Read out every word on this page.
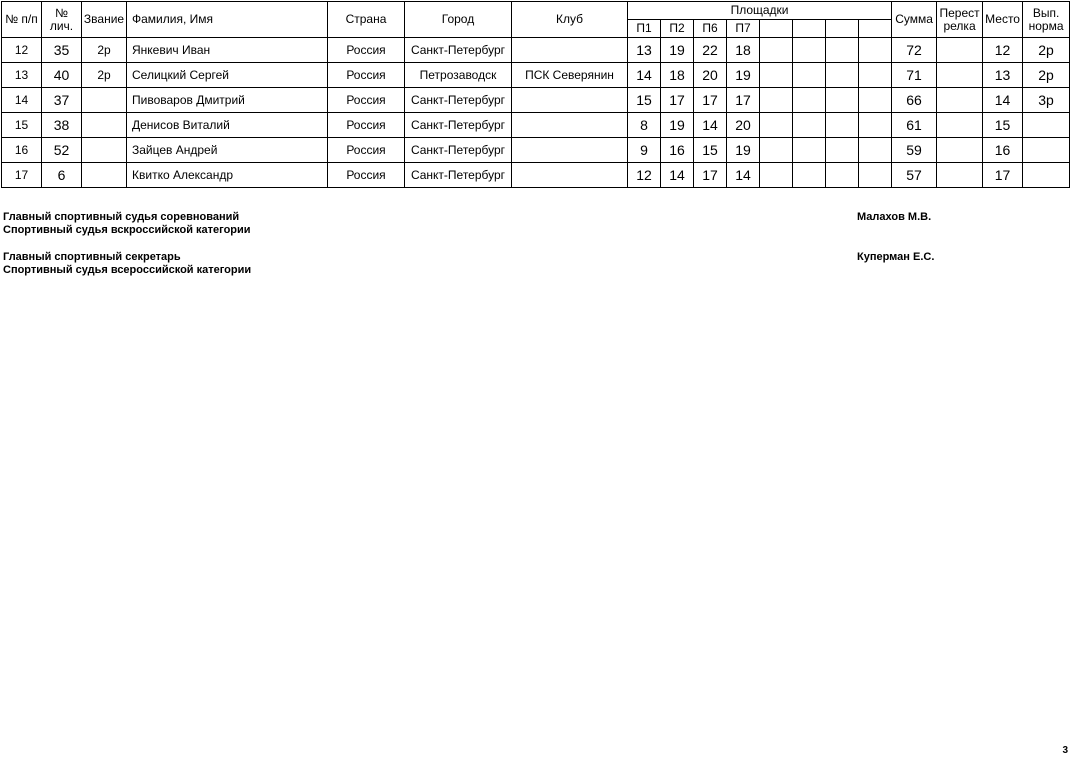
№ п/п	№ лич.	Звание	Фамилия, Имя	Страна	Город	Клуб	Площадки								Сумма	Перест релка	Место	Вып. норма
							П1	П2	П6	П7								
12	35	2р	Янкевич Иван	Россия	Санкт-Петербург		13	19	22	18					72		12	2р
13	40	2р	Селицкий Сергей	Россия	Петрозаводск	ПСК Северянин	14	18	20	19					71		13	2р
14	37		Пивоваров Дмитрий	Россия	Санкт-Петербург		15	17	17	17					66		14	3р
15	38		Денисов Виталий	Россия	Санкт-Петербург		8	19	14	20					61		15	
16	52		Зайцев Андрей	Россия	Санкт-Петербург		9	16	15	19					59		16	
17	6		Квитко Александр	Россия	Санкт-Петербург		12	14	17	14					57		17	
Главный спортивный судья соревнований
Спортивный судья вскроссийской категории
Малахов М.В.
Главный спортивный секретарь
Спортивный судья всероссийской категории
Куперман Е.С.
3
